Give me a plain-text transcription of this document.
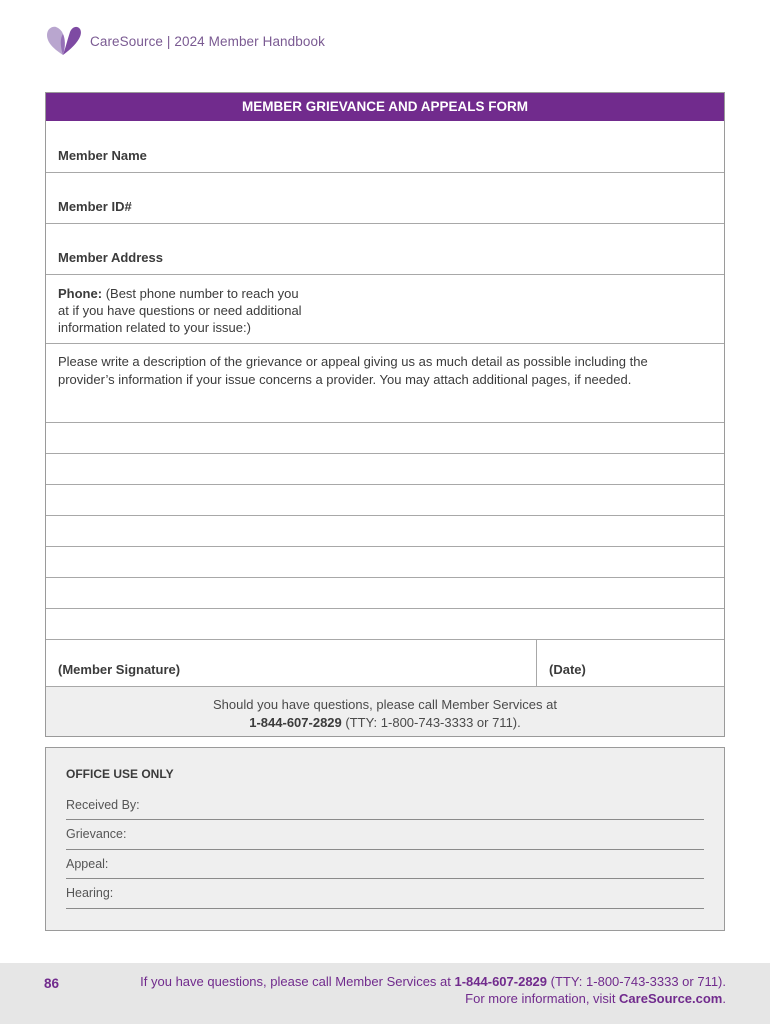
CareSource | 2024 Member Handbook
MEMBER GRIEVANCE AND APPEALS FORM
Member Name
Member ID#
Member Address
Phone: (Best phone number to reach you
at if you have questions or need additional
information related to your issue:)
Please write a description of the grievance or appeal giving us as much detail as possible including the
provider’s information if your issue concerns a provider. You may attach additional pages, if needed.
(Member Signature)	(Date)
Should you have questions, please call Member Services at
1-844-607-2829 (TTY: 1-800-743-3333 or 711).
OFFICE USE ONLY
Received By:
Grievance:
Appeal:
Hearing:
86	If you have questions, please call Member Services at 1-844-607-2829 (TTY: 1-800-743-3333 or 711).
For more information, visit CareSource.com.
